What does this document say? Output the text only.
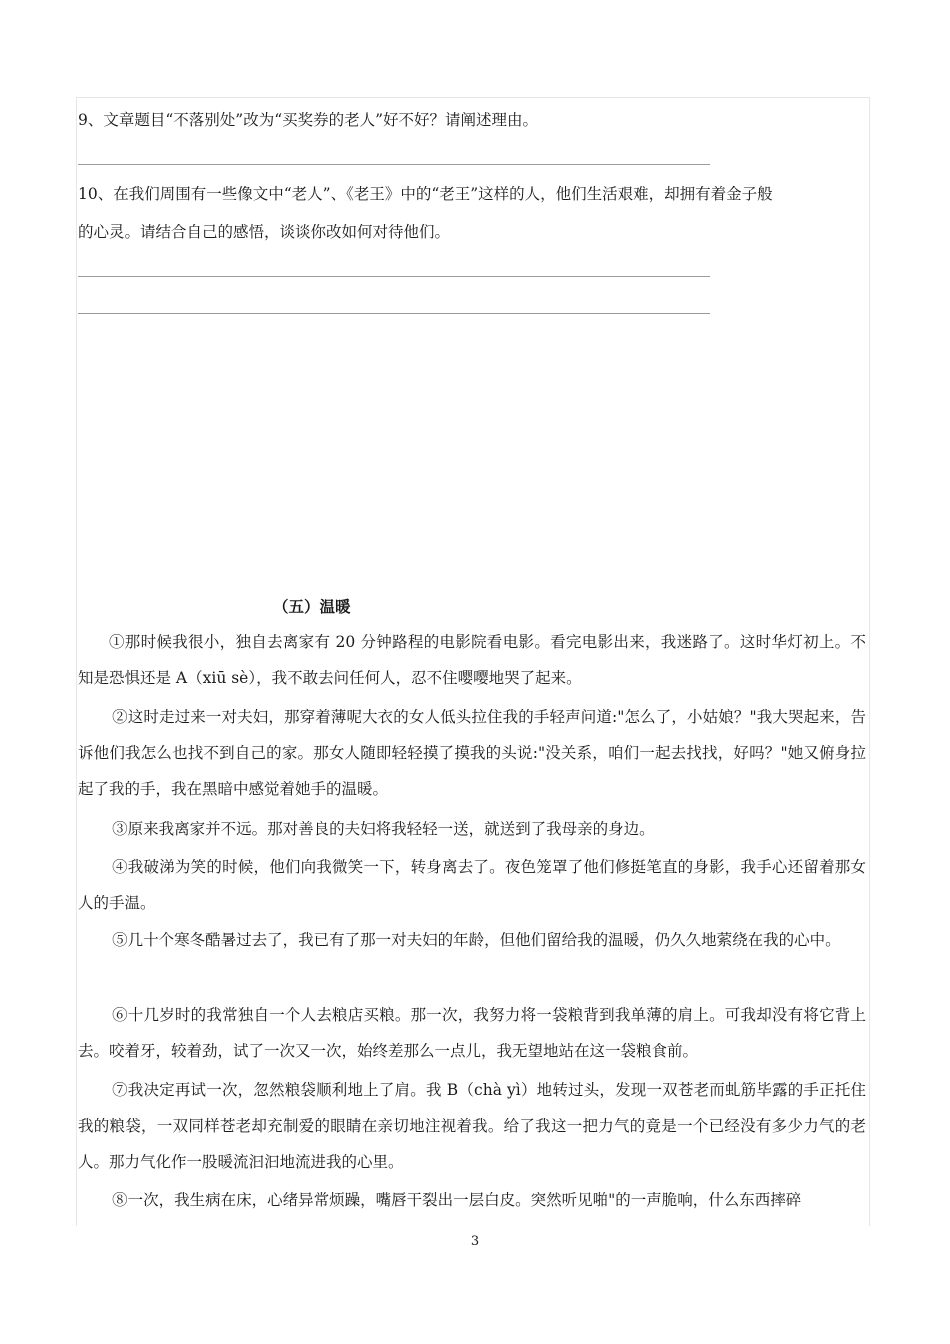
9、文章题目“不落别处”改为“买奖券的老人”好不好？请阐述理由。

10、在我们周围有一些像文中“老人”、《老王》中的“老王”这样的人，他们生活艰难，却拥有着金子般

的心灵。请结合自己的感悟，谈谈你改如何对待他们。

（五）温暖

①那时候我很小，独自去离家有 20 分钟路程的电影院看电影。看完电影出来，我迷路了。这时华灯初上。不知是恐惧还是 A（xiū sè），我不敢去问任何人，忍不住嘤嘤地哭了起来。

②这时走过来一对夫妇，那穿着薄呢大衣的女人低头拉住我的手轻声问道:"怎么了，小姑娘？"我大哭起来，告诉他们我怎么也找不到自己的家。那女人随即轻轻摸了摸我的头说:"没关系，咱们一起去找找，好吗？"她又俯身拉起了我的手，我在黑暗中感觉着她手的温暖。

③原来我离家并不远。那对善良的夫妇将我轻轻一送，就送到了我母亲的身边。

④我破涕为笑的时候，他们向我微笑一下，转身离去了。夜色笼罩了他们修挺笔直的身影，我手心还留着那女人的手温。

⑤几十个寒冬酷暑过去了，我已有了那一对夫妇的年龄，但他们留给我的温暖，仍久久地萦绕在我的心中。

⑥十几岁时的我常独自一个人去粮店买粮。那一次，我努力将一袋粮背到我单薄的肩上。可我却没有将它背上去。咬着牙，较着劲，试了一次又一次，始终差那么一点儿，我无望地站在这一袋粮食前。

⑦我决定再试一次，忽然粮袋顺利地上了肩。我 B（chà yì）地转过头，发现一双苍老而虬筋毕露的手正托住我的粮袋，一双同样苍老却充制爱的眼睛在亲切地注视着我。给了我这一把力气的竟是一个已经没有多少力气的老人。那力气化作一股暖流汩汩地流进我的心里。

⑧一次，我生病在床，心绪异常烦躁，嘴唇干裂出一层白皮。突然听见啪"的一声脆响，什么东西摔碎

3
